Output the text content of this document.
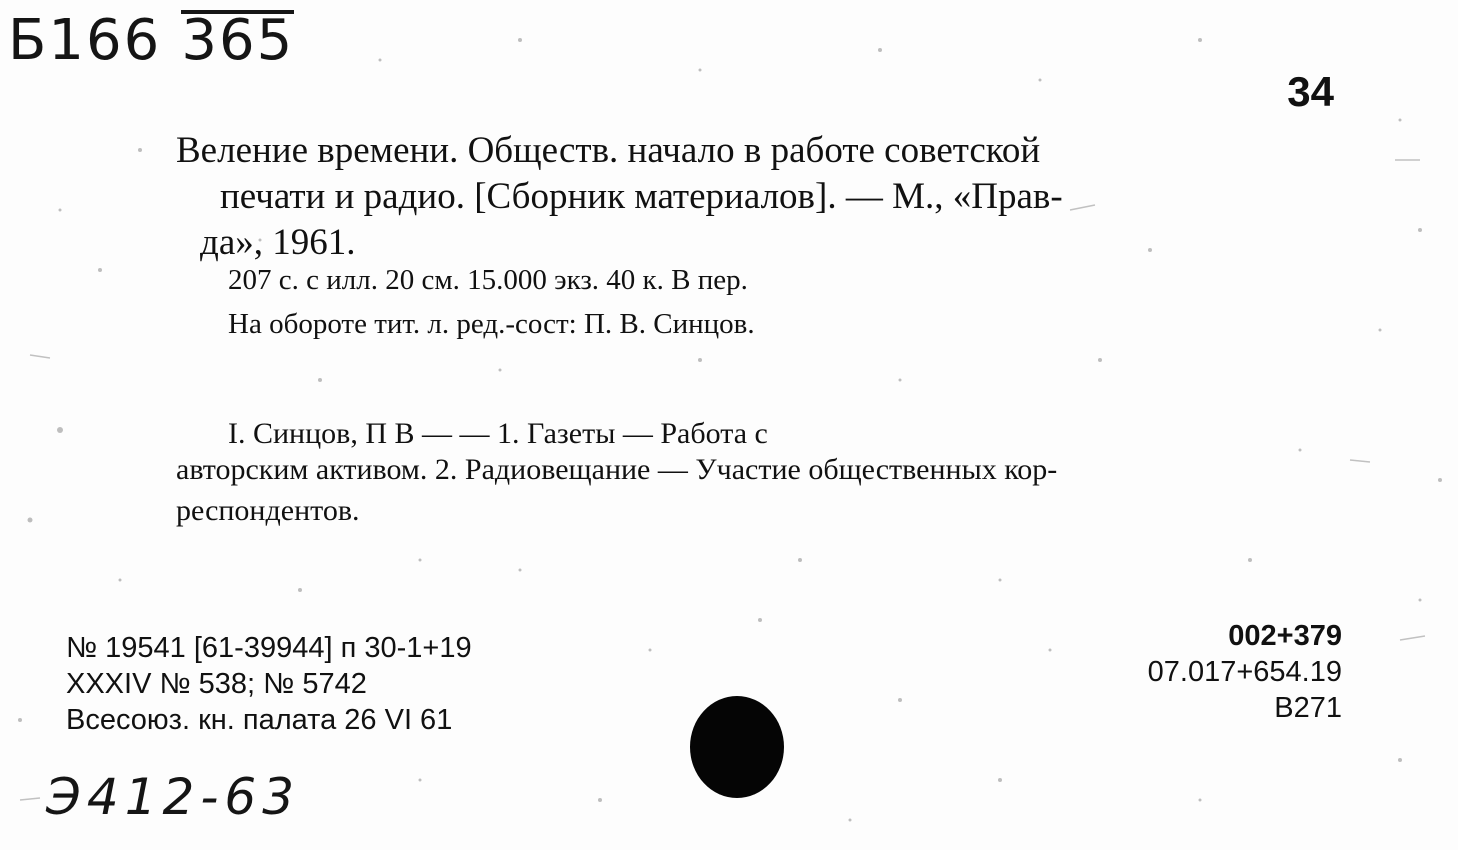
Б166 365
34
Веление времени. Обществ. начало в работе советской
печати и радио. [Сборник материалов]. — М., «Прав-
да», 1961.
207 с. с илл. 20 см. 15.000 экз. 40 к. В пер.
На обороте тит. л. ред.-сост: П. В. Синцов.
I. Синцов, П В — — 1. Газеты — Работа с
авторским активом. 2. Радиовещание — Участие общественных кор-
респондентов.
№ 19541 [61-39944] п 30-1+19
XXXIV № 538; № 5742
Всесоюз. кн. палата 26 VI 61
002+379
07.017+654.19
В271
Э412-63
